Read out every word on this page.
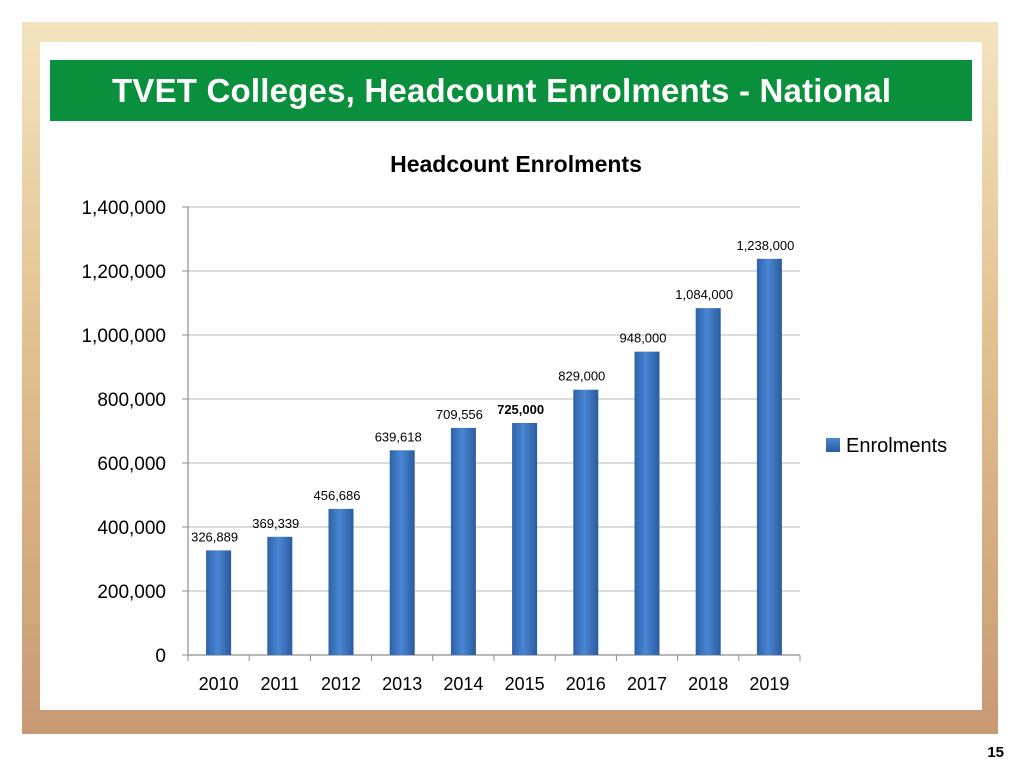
TVET Colleges, Headcount Enrolments - National
Headcount Enrolments
0
200,000
400,000
600,000
800,000
1,000,000
1,200,000
1,400,000
2010 2011 2012 2013 2014 2015 2016 2017 2018 2019
326,889
369,339
456,686
639,618
709,556 725,000
829,000
948,000
1,084,000
1,238,000
Enrolments
15
